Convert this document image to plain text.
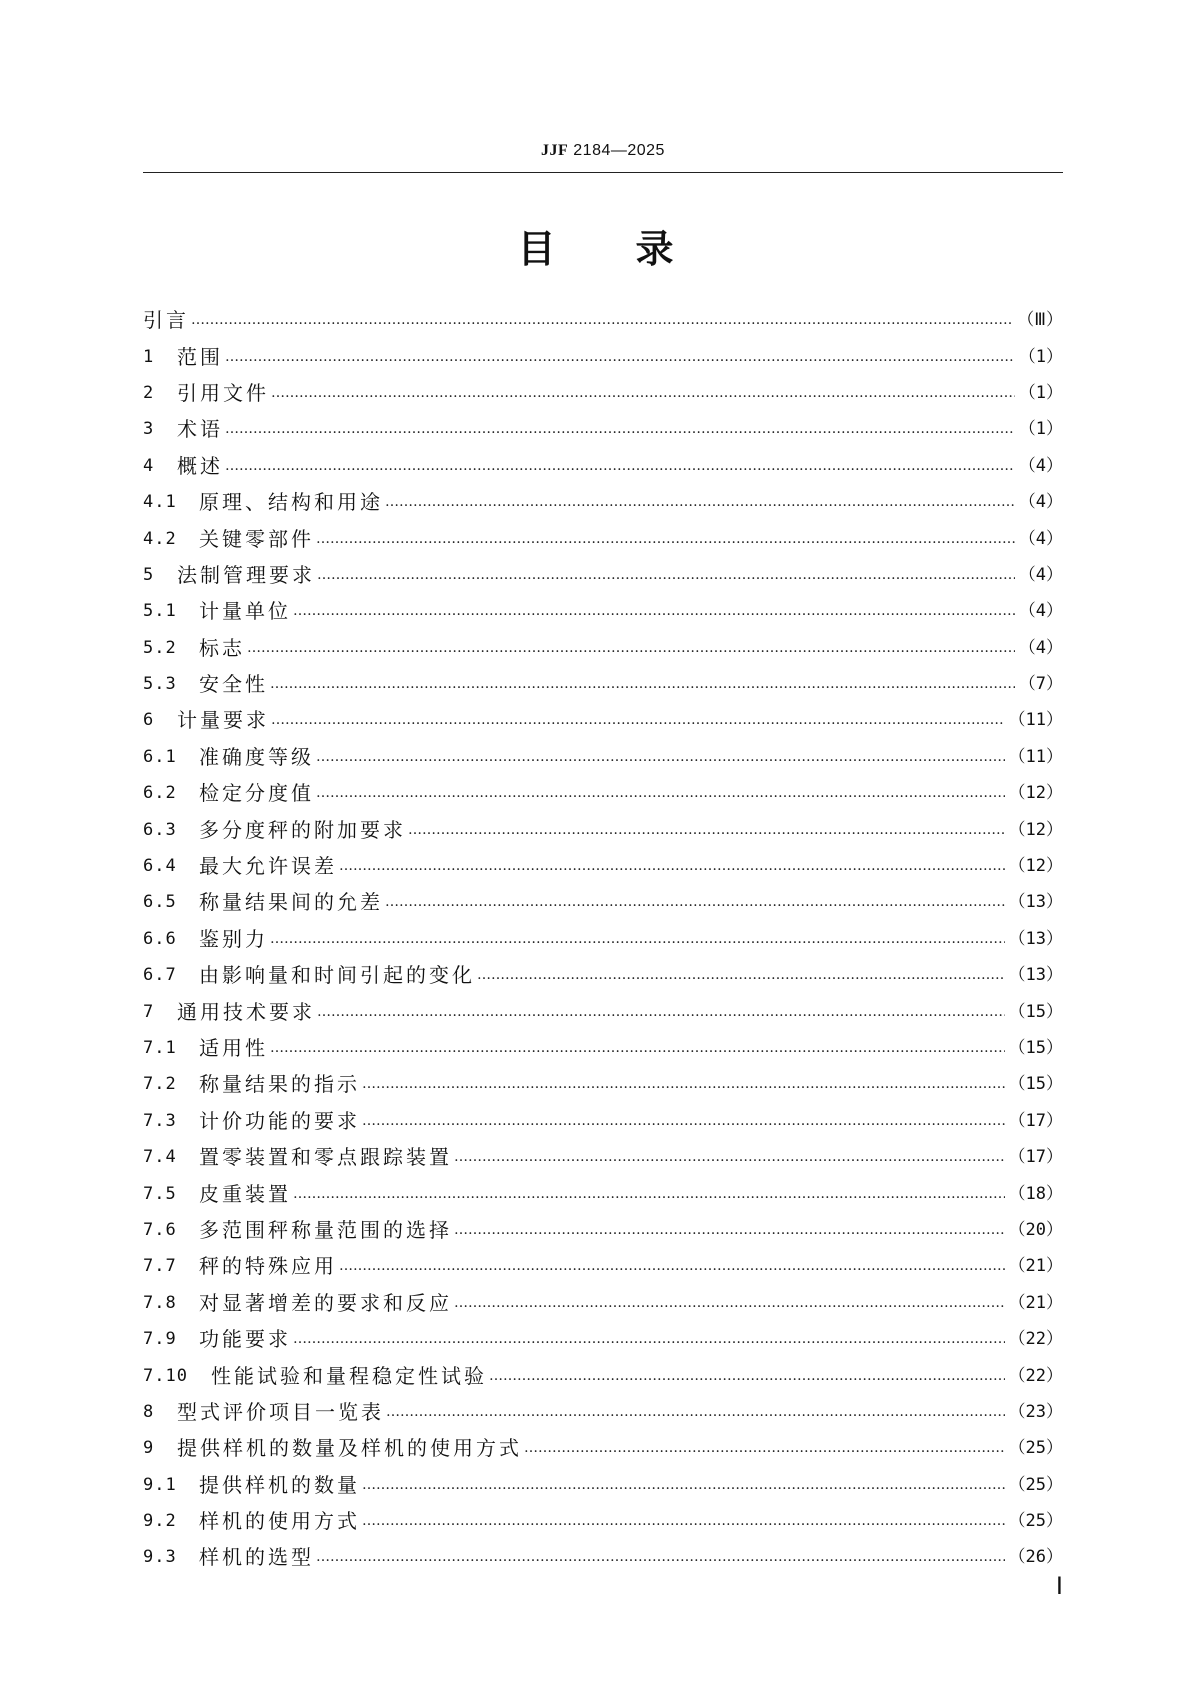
JJF 2184—2025
目 录
引言 …………………………………………………………………………………………………………………………………………………………………………………………………………………………………………………………………	（Ⅲ）
1	范围 …………………………………………………………………………………………………………………………………………………………………………………………………………………………………………………………………	（1）
2	引用文件 …………………………………………………………………………………………………………………………………………………………………………………………………………………………………………………………………	（1）
3	术语 …………………………………………………………………………………………………………………………………………………………………………………………………………………………………………………………………	（1）
4	概述 …………………………………………………………………………………………………………………………………………………………………………………………………………………………………………………………………	（4）
4.1	原理、结构和用途 …………………………………………………………………………………………………………………………………………………………………………………………………………………………………………………………………	（4）
4.2	关键零部件 …………………………………………………………………………………………………………………………………………………………………………………………………………………………………………………………………	（4）
5	法制管理要求 …………………………………………………………………………………………………………………………………………………………………………………………………………………………………………………………………	（4）
5.1	计量单位 …………………………………………………………………………………………………………………………………………………………………………………………………………………………………………………………………	（4）
5.2	标志 …………………………………………………………………………………………………………………………………………………………………………………………………………………………………………………………………	（4）
5.3	安全性 …………………………………………………………………………………………………………………………………………………………………………………………………………………………………………………………………	（7）
6	计量要求 …………………………………………………………………………………………………………………………………………………………………………………………………………………………………………………………………	（11）
6.1	准确度等级 …………………………………………………………………………………………………………………………………………………………………………………………………………………………………………………………………	（11）
6.2	检定分度值 …………………………………………………………………………………………………………………………………………………………………………………………………………………………………………………………………	（12）
6.3	多分度秤的附加要求 …………………………………………………………………………………………………………………………………………………………………………………………………………………………………………………………………	（12）
6.4	最大允许误差 …………………………………………………………………………………………………………………………………………………………………………………………………………………………………………………………………	（12）
6.5	称量结果间的允差 …………………………………………………………………………………………………………………………………………………………………………………………………………………………………………………………………	（13）
6.6	鉴别力 …………………………………………………………………………………………………………………………………………………………………………………………………………………………………………………………………	（13）
6.7	由影响量和时间引起的变化 …………………………………………………………………………………………………………………………………………………………………………………………………………………………………………………………………	（13）
7	通用技术要求 …………………………………………………………………………………………………………………………………………………………………………………………………………………………………………………………………	（15）
7.1	适用性 …………………………………………………………………………………………………………………………………………………………………………………………………………………………………………………………………	（15）
7.2	称量结果的指示 …………………………………………………………………………………………………………………………………………………………………………………………………………………………………………………………………	（15）
7.3	计价功能的要求 …………………………………………………………………………………………………………………………………………………………………………………………………………………………………………………………………	（17）
7.4	置零装置和零点跟踪装置 …………………………………………………………………………………………………………………………………………………………………………………………………………………………………………………………………	（17）
7.5	皮重装置 …………………………………………………………………………………………………………………………………………………………………………………………………………………………………………………………………	（18）
7.6	多范围秤称量范围的选择 …………………………………………………………………………………………………………………………………………………………………………………………………………………………………………………………………	（20）
7.7	秤的特殊应用 …………………………………………………………………………………………………………………………………………………………………………………………………………………………………………………………………	（21）
7.8	对显著增差的要求和反应 …………………………………………………………………………………………………………………………………………………………………………………………………………………………………………………………………	（21）
7.9	功能要求 …………………………………………………………………………………………………………………………………………………………………………………………………………………………………………………………………	（22）
7.10	性能试验和量程稳定性试验 …………………………………………………………………………………………………………………………………………………………………………………………………………………………………………………………………	（22）
8	型式评价项目一览表 …………………………………………………………………………………………………………………………………………………………………………………………………………………………………………………………………	（23）
9	提供样机的数量及样机的使用方式 …………………………………………………………………………………………………………………………………………………………………………………………………………………………………………………………………	（25）
9.1	提供样机的数量 …………………………………………………………………………………………………………………………………………………………………………………………………………………………………………………………………	（25）
9.2	样机的使用方式 …………………………………………………………………………………………………………………………………………………………………………………………………………………………………………………………………	（25）
9.3	样机的选型 …………………………………………………………………………………………………………………………………………………………………………………………………………………………………………………………………	（26）
Ⅰ
